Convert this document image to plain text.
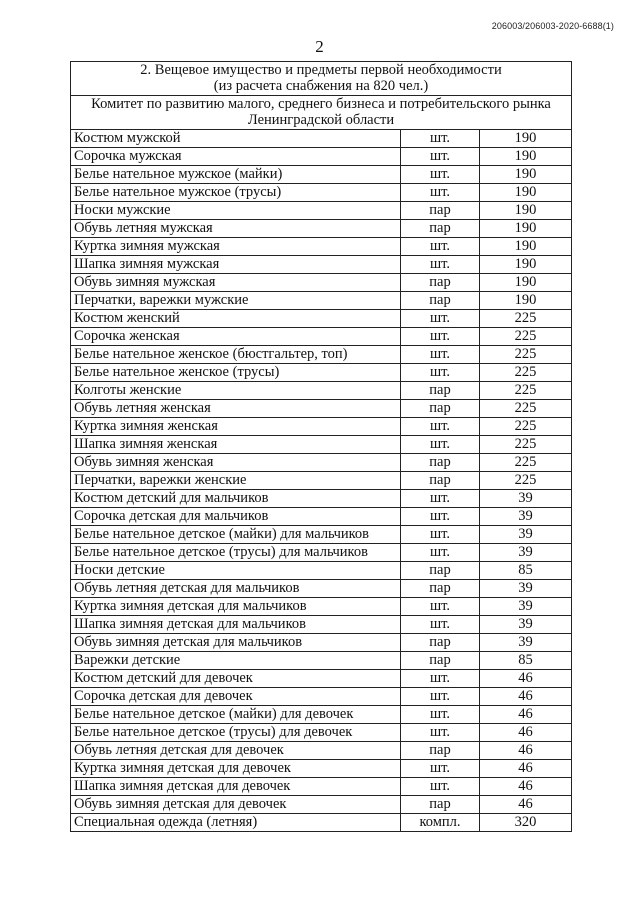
206003/206003-2020-6688(1)
2
2. Вещевое имущество и предметы первой необходимости
(из расчета снабжения на 820 чел.)		
Комитет по развитию малого, среднего бизнеса и потребительского рынка
Ленинградской области		
Костюм мужской	шт.	190
Сорочка мужская	шт.	190
Белье нательное мужское (майки)	шт.	190
Белье нательное мужское (трусы)	шт.	190
Носки мужские	пар	190
Обувь летняя мужская	пар	190
Куртка зимняя мужская	шт.	190
Шапка зимняя мужская	шт.	190
Обувь зимняя мужская	пар	190
Перчатки, варежки мужские	пар	190
Костюм женский	шт.	225
Сорочка женская	шт.	225
Белье нательное женское (бюстгальтер, топ)	шт.	225
Белье нательное женское (трусы)	шт.	225
Колготы женские	пар	225
Обувь летняя женская	пар	225
Куртка зимняя женская	шт.	225
Шапка зимняя женская	шт.	225
Обувь зимняя женская	пар	225
Перчатки, варежки женские	пар	225
Костюм детский для мальчиков	шт.	39
Сорочка детская для мальчиков	шт.	39
Белье нательное детское (майки) для мальчиков	шт.	39
Белье нательное детское (трусы) для мальчиков	шт.	39
Носки детские	пар	85
Обувь летняя детская для мальчиков	пар	39
Куртка зимняя детская для мальчиков	шт.	39
Шапка зимняя детская для мальчиков	шт.	39
Обувь зимняя детская для мальчиков	пар	39
Варежки детские	пар	85
Костюм детский для девочек	шт.	46
Сорочка детская для девочек	шт.	46
Белье нательное детское (майки) для девочек	шт.	46
Белье нательное детское (трусы) для девочек	шт.	46
Обувь летняя детская для девочек	пар	46
Куртка зимняя детская для девочек	шт.	46
Шапка зимняя детская для девочек	шт.	46
Обувь зимняя детская для девочек	пар	46
Специальная одежда (летняя)	компл.	320
